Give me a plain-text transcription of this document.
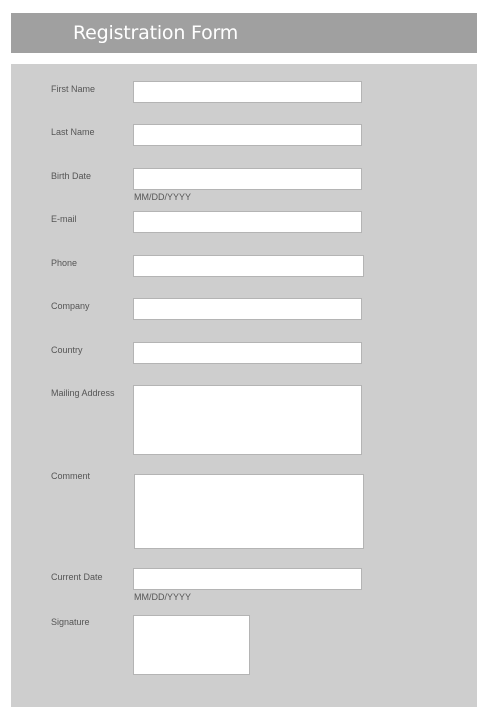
Registration Form
First Name
Last Name
Birth Date
MM/DD/YYYY
E-mail
Phone
Company
Country
Mailing Address
Comment
Current Date
MM/DD/YYYY
Signature
